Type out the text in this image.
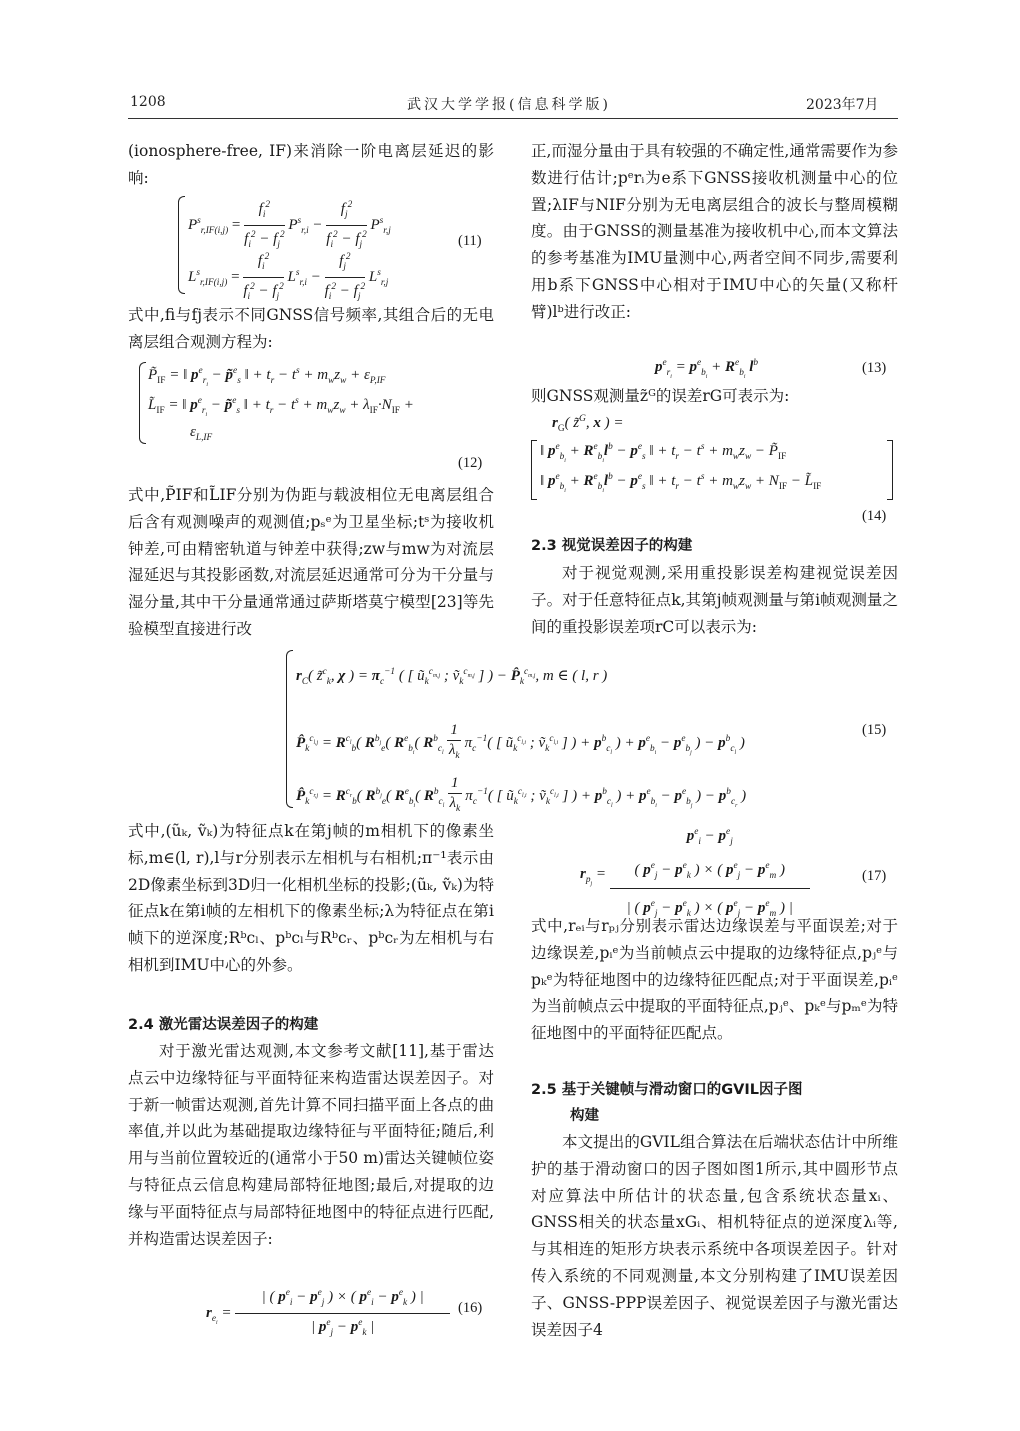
1208	武汉大学学报(信息科学版)	2023年7月

(ionosphere-free, IF)来消除一阶电离层延迟的影响:

$P^s_{r,IF(i,j)} = \frac{f_i^2}{f_i^2 - f_j^2} P^s_{r,i} - \frac{f_j^2}{f_i^2 - f_j^2} P^s_{r,j}$
$L^s_{r,IF(i,j)} = \frac{f_i^2}{f_i^2 - f_j^2} L^s_{r,i} - \frac{f_j^2}{f_i^2 - f_j^2} L^s_{r,j}$
(11)

式中,fi与fj表示不同GNSS信号频率,其组合后的无电离层组合观测方程为:

$P̃_{IF}$ = ‖ $p^e_{r_i}$ − p̃$^e_s$ ‖ + $t_r - t^s + m_wz_w + \varepsilon_{P,IF}$
$L̃_{IF}$ = ‖ $p^e_{r_i}$ − p̃$^e_s$ ‖ + $t_r - t^s + m_wz_w + \lambda_{IF}\cdot N_{IF}$ +
$\varepsilon_{L,IF}$
(12)

式中,P̃IF和L̃IF分别为伪距与载波相位无电离层组合后含有观测噪声的观测值;pₛᵉ为卫星坐标;tˢ为接收机钟差,可由精密轨道与钟差中获得;zw与mw为对流层湿延迟与其投影函数,对流层延迟通常可分为干分量与湿分量,其中干分量通常通过萨斯塔莫宁模型[23]等先验模型直接进行改

正,而湿分量由于具有较强的不确定性,通常需要作为参数进行估计;pᵉrᵢ为e系下GNSS接收机测量中心的位置;λIF与NIF分别为无电离层组合的波长与整周模糊度。由于GNSS的测量基准为接收机中心,而本文算法的参考基准为IMU量测中心,两者空间不同步,需要利用b系下GNSS中心相对于IMU中心的矢量(又称杆臂)lᵇ进行改正:

$p^e_{r_i} = p^e_{b_i} + R^e_{b_i}$ $l^b$	(13)

则GNSS观测量z̃ᴳ的误差rG可表示为:

$r_G$( z̃$^G$, x ) =
‖ $p^e_{b_i} + R^e_{b_i}l^b - p^e_s$ ‖ + $t_r - t^s + m_wz_w$ − $P̃_{IF}$
‖ $p^e_{b_i} + R^e_{b_i}l^b - p^e_s$ ‖ + $t_r - t^s + m_wz_w + N_{IF}$ − $L̃_{IF}$
(14)
2.3 视觉误差因子的构建

对于视觉观测,采用重投影误差构建视觉误差因子。对于任意特征点k,其第j帧观测量与第i帧观测量之间的重投影误差项rC可以表示为:

$r_C$( z̃$^c_k$, χ ) = $\pi_c^{-1}$ ( [ $ũ_k^{c_{m,j}}$ ; ṽ$_k^{c_{m,j}}$ ] ) − $P̂_k^{c_{m,j}}$, m ∈ ( l, r )
$P̂_k^{c_{l,j}} = R^{c_l}_b$( $R^{b_j}_e$( $R^e_{b_i}$( $R^b_{c_l} \frac{1}{\lambda_k} \pi_c^{-1}$( [ $ũ_k^{c_{l,i}}$ ; ṽ$_k^{c_{l,i}}$ ] ) + $p^b_{c_l}$ ) + $p^e_{b_i} - p^e_{b_j}$ ) − $p^b_{c_l}$ )
$P̂_k^{c_{r,j}} = R^{c_r}_b$( $R^{b_j}_e$( $R^e_{b_i}$( $R^b_{c_l} \frac{1}{\lambda_k} \pi_c^{-1}$( [ $ũ_k^{c_{l,i}}$ ; ṽ$_k^{c_{l,i}}$ ] ) + $p^b_{c_l}$ ) + $p^e_{b_i} - p^e_{b_j}$ ) − $p^b_{c_r}$ )
(15)

式中,(ũₖ, ṽₖ)为特征点k在第j帧的m相机下的像素坐标,m∈(l, r),l与r分别表示左相机与右相机;π⁻¹表示由2D像素坐标到3D归一化相机坐标的投影;(ũₖ, ṽₖ)为特征点k在第i帧的左相机下的像素坐标;λ为特征点在第i帧下的逆深度;Rᵇcₗ、pᵇcₗ与Rᵇcᵣ、pᵇcᵣ为左相机与右相机到IMU中心的外参。

2.4 激光雷达误差因子的构建

对于激光雷达观测,本文参考文献[11],基于雷达点云中边缘特征与平面特征来构造雷达误差因子。对于新一帧雷达观测,首先计算不同扫描平面上各点的曲率值,并以此为基础提取边缘特征与平面特征;随后,利用与当前位置较近的(通常小于50 m)雷达关键帧位姿与特征点云信息构建局部特征地图;最后,对提取的边缘与平面特征点与局部特征地图中的特征点进行匹配,并构造雷达误差因子:

$r_{e_i} = \frac{| ( p^e_i - p^e_j ) \times ( p^e_i - p^e_k ) |}{| p^e_j - p^e_k |} (16)$
$r_{p_j}$ =
$p^e_i - p^e_j$
( $p^e_j - p^e_k$ ) × ( $p^e_j - p^e_m$ )
| ( $p^e_j - p^e_k$ ) × ( $p^e_j - p^e_m$ ) |
(17)

式中,rₑᵢ与rₚⱼ分别表示雷达边缘误差与平面误差;对于边缘误差,pᵢᵉ为当前帧点云中提取的边缘特征点,pⱼᵉ与pₖᵉ为特征地图中的边缘特征匹配点;对于平面误差,pᵢᵉ为当前帧点云中提取的平面特征点,pⱼᵉ、pₖᵉ与pₘᵉ为特征地图中的平面特征匹配点。

2.5 基于关键帧与滑动窗口的GVIL因子图
构建

本文提出的GVIL组合算法在后端状态估计中所维护的基于滑动窗口的因子图如图1所示,其中圆形节点对应算法中所估计的状态量,包含系统状态量xᵢ、GNSS相关的状态量xGᵢ、相机特征点的逆深度λᵢ等,与其相连的矩形方块表示系统中各项误差因子。针对传入系统的不同观测量,本文分别构建了IMU误差因子、GNSS-PPP误差因子、视觉误差因子与激光雷达误差因子4
